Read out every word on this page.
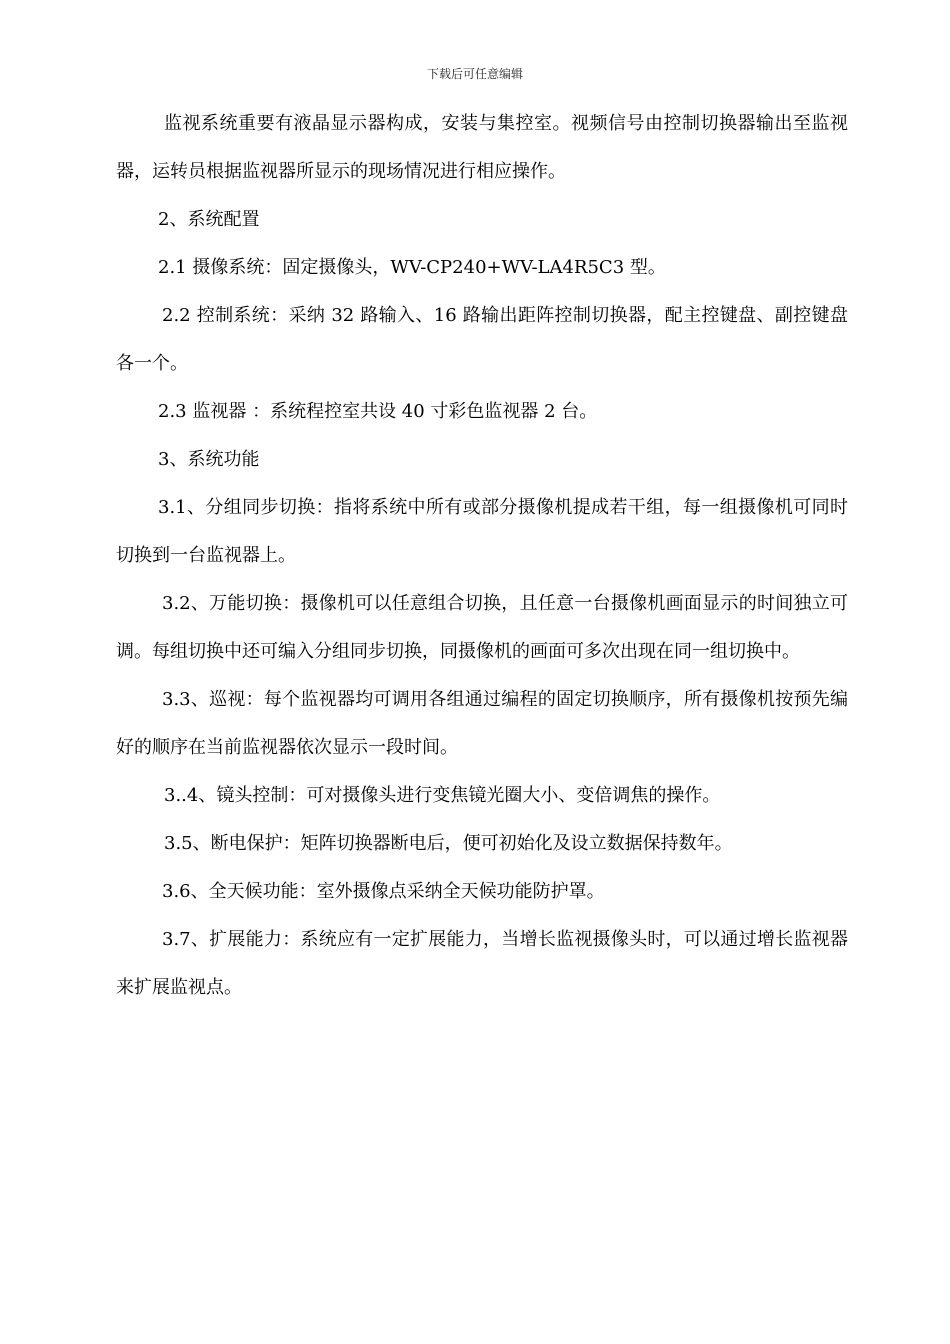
下载后可任意编辑

监视系统重要有液晶显示器构成，安装与集控室。视频信号由控制切换器输出至监视器，运转员根据监视器所显示的现场情况进行相应操作。

2、系统配置

2.1 摄像系统：固定摄像头，WV-CP240+WV-LA4R5C3 型。

2.2 控制系统：采纳 32 路输入、16 路输出距阵控制切换器，配主控键盘、副控键盘各一个。

2.3 监视器 ：系统程控室共设 40 寸彩色监视器 2 台。

3、系统功能

3.1、分组同步切换：指将系统中所有或部分摄像机提成若干组，每一组摄像机可同时切换到一台监视器上。

3.2、万能切换：摄像机可以任意组合切换，且任意一台摄像机画面显示的时间独立可调。每组切换中还可编入分组同步切换，同摄像机的画面可多次出现在同一组切换中。

3.3、巡视：每个监视器均可调用各组通过编程的固定切换顺序，所有摄像机按预先编好的顺序在当前监视器依次显示一段时间。

3..4、镜头控制：可对摄像头进行变焦镜光圈大小、变倍调焦的操作。

3.5、断电保护：矩阵切换器断电后，便可初始化及设立数据保持数年。

3.6、全天候功能：室外摄像点采纳全天候功能防护罩。

3.7、扩展能力：系统应有一定扩展能力，当增长监视摄像头时，可以通过增长监视器来扩展监视点。
